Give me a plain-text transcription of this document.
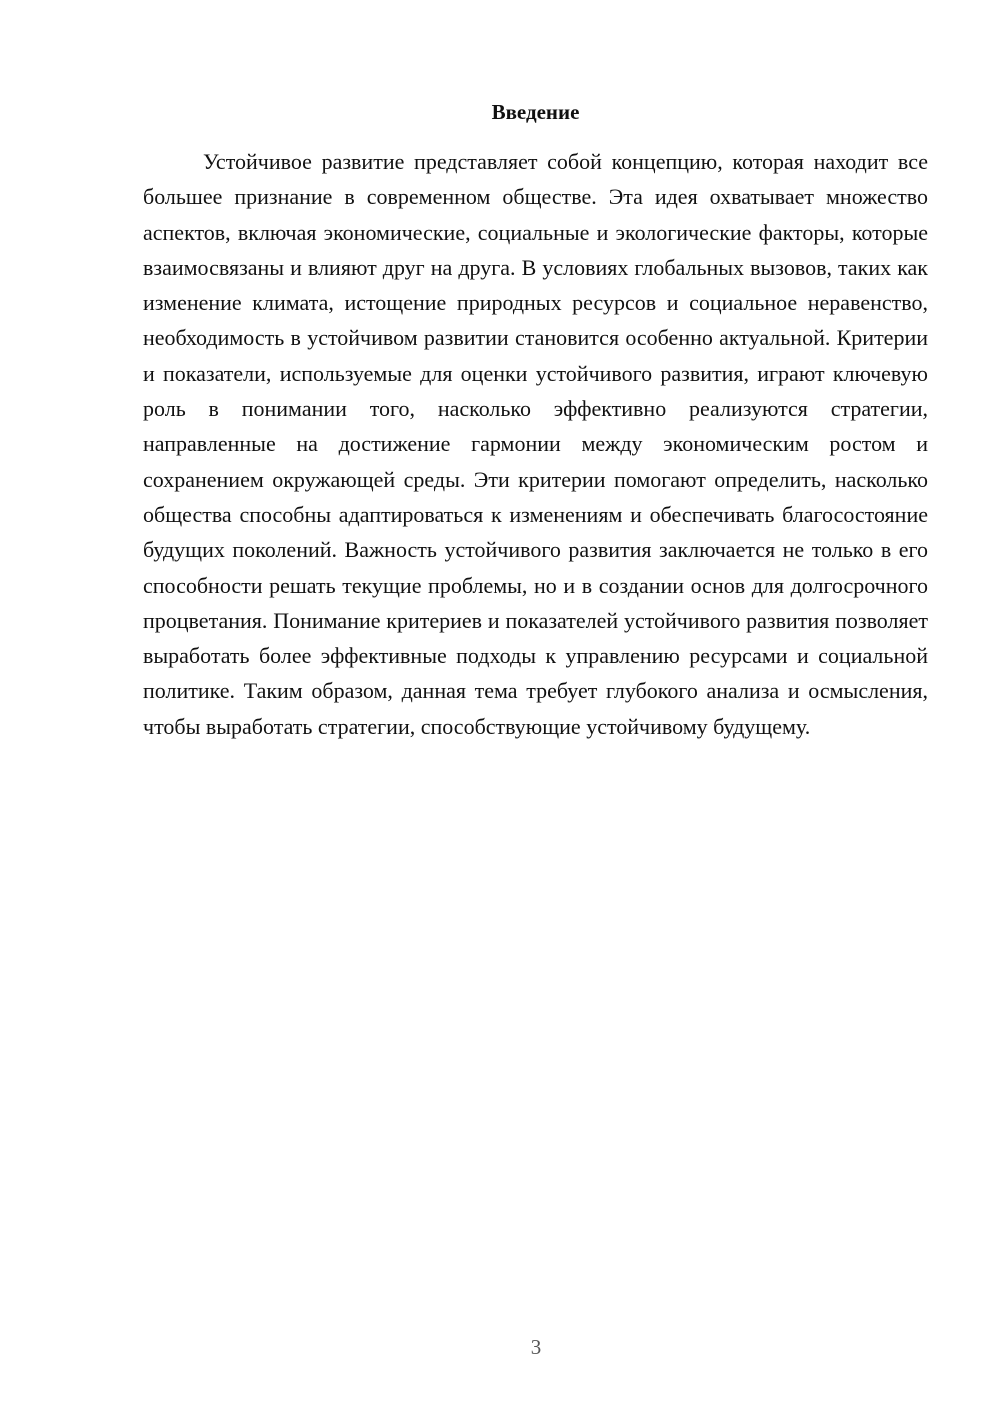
Введение

Устойчивое развитие представляет собой концепцию, которая находит все большее признание в современном обществе. Эта идея охватывает множество аспектов, включая экономические, социальные и экологические факторы, которые взаимосвязаны и влияют друг на друга. В условиях глобальных вызовов, таких как изменение климата, истощение природных ресурсов и социальное неравенство, необходимость в устойчивом развитии становится особенно актуальной. Критерии и показатели, используемые для оценки устойчивого развития, играют ключевую роль в понимании того, насколько эффективно реализуются стратегии, направленные на достижение гармонии между экономическим ростом и сохранением окружающей среды. Эти критерии помогают определить, насколько общества способны адаптироваться к изменениям и обеспечивать благосостояние будущих поколений. Важность устойчивого развития заключается не только в его способности решать текущие проблемы, но и в создании основ для долгосрочного процветания. Понимание критериев и показателей устойчивого развития позволяет выработать более эффективные подходы к управлению ресурсами и социальной политике. Таким образом, данная тема требует глубокого анализа и осмысления, чтобы выработать стратегии, способствующие устойчивому будущему.

3
